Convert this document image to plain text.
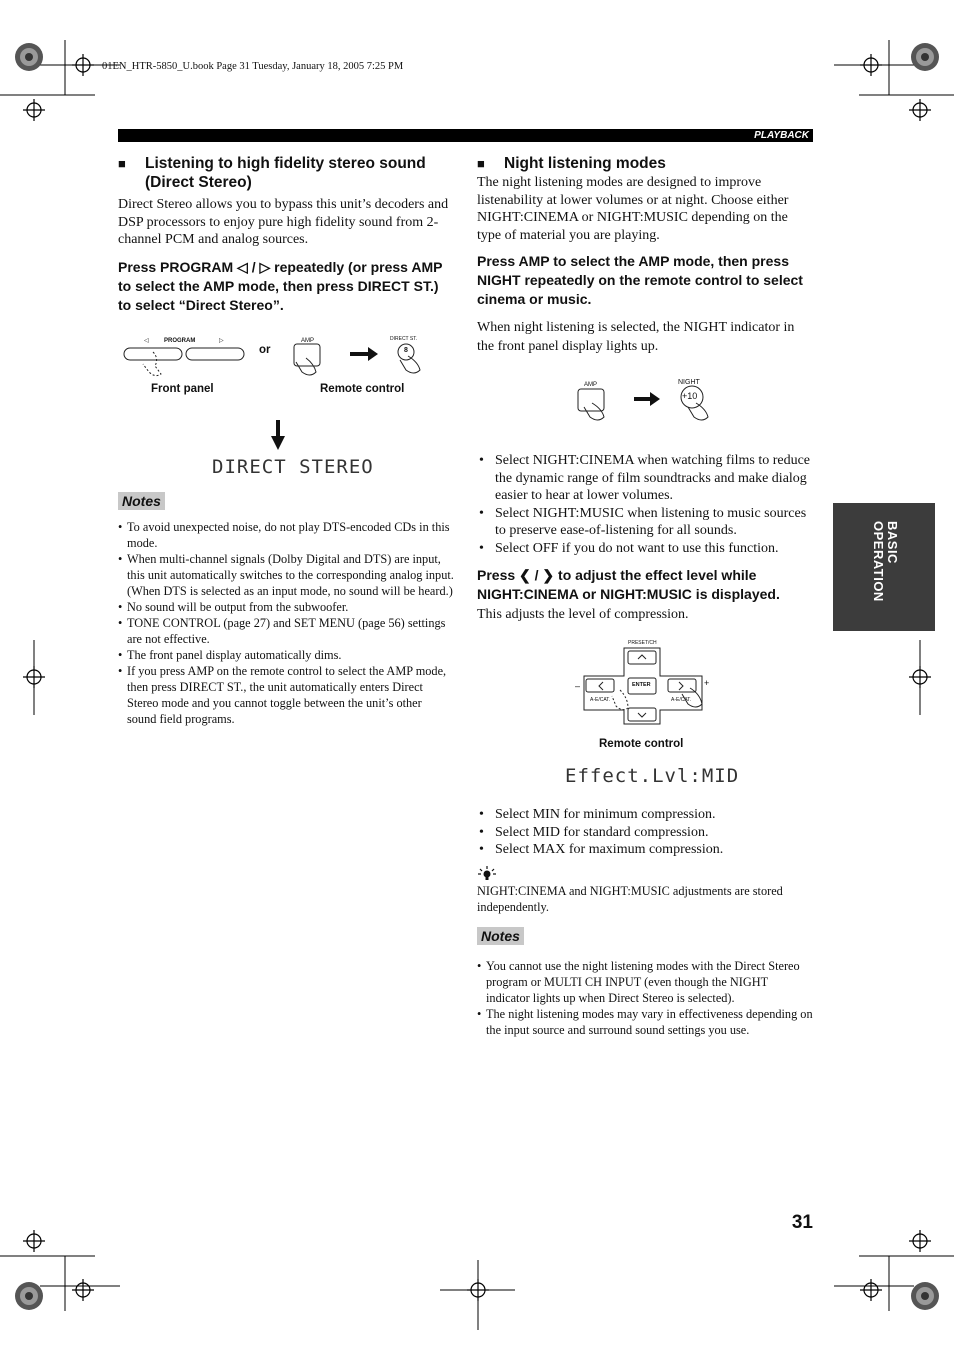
01EN_HTR-5850_U.book Page 31 Tuesday, January 18, 2005 7:25 PM
PLAYBACK
BASIC OPERATION
■ Listening to high fidelity stereo sound
(Direct Stereo)

Direct Stereo allows you to bypass this unit’s decoders and DSP processors to enjoy pure high fidelity sound from 2-channel PCM and analog sources.

Press PROGRAM ◁ / ▷ repeatedly (or press AMP to select the AMP mode, then press DIRECT ST.) to select “Direct Stereo”.

PROGRAM
◁	▷
or
AMP	DIRECT ST.
8
Front panel	Remote control
DIRECT STEREO
Notes
• To avoid unexpected noise, do not play DTS-encoded CDs in this mode.
• When multi-channel signals (Dolby Digital and DTS) are input, this unit automatically switches to the corresponding analog input. (When DTS is selected as an input mode, no sound will be heard.)
• No sound will be output from the subwoofer.
• TONE CONTROL (page 27) and SET MENU (page 56) settings are not effective.
• The front panel display automatically dims.
• If you press AMP on the remote control to select the AMP mode, then press DIRECT ST., the unit automatically enters Direct Stereo mode and you cannot toggle between the unit’s other sound field programs.
■ Night listening modes

The night listening modes are designed to improve listenability at lower volumes or at night. Choose either NIGHT:CINEMA or NIGHT:MUSIC depending on the type of material you are playing.

Press AMP to select the AMP mode, then press NIGHT repeatedly on the remote control to select cinema or music.

When night listening is selected, the NIGHT indicator in the front panel display lights up.

AMP	NIGHT
+10
• Select NIGHT:CINEMA when watching films to reduce the dynamic range of film soundtracks and make dialog easier to hear at lower volumes.
• Select NIGHT:MUSIC when listening to music sources to preserve ease-of-listening for all sounds.
• Select OFF if you do not want to use this function.
Press ❮ / ❯ to adjust the effect level while
NIGHT:CINEMA or NIGHT:MUSIC is displayed.

This adjusts the level of compression.

PRESET/CH
ENTER
A-E/CAT.	A-E/CAT.
–	+
Remote control
Effect.Lvl:MID
• Select MIN for minimum compression.
• Select MID for standard compression.
• Select MAX for maximum compression.

NIGHT:CINEMA and NIGHT:MUSIC adjustments are stored independently.

Notes
• You cannot use the night listening modes with the Direct Stereo program or MULTI CH INPUT (even though the NIGHT indicator lights up when Direct Stereo is selected).
• The night listening modes may vary in effectiveness depending on the input source and surround sound settings you use.
31
